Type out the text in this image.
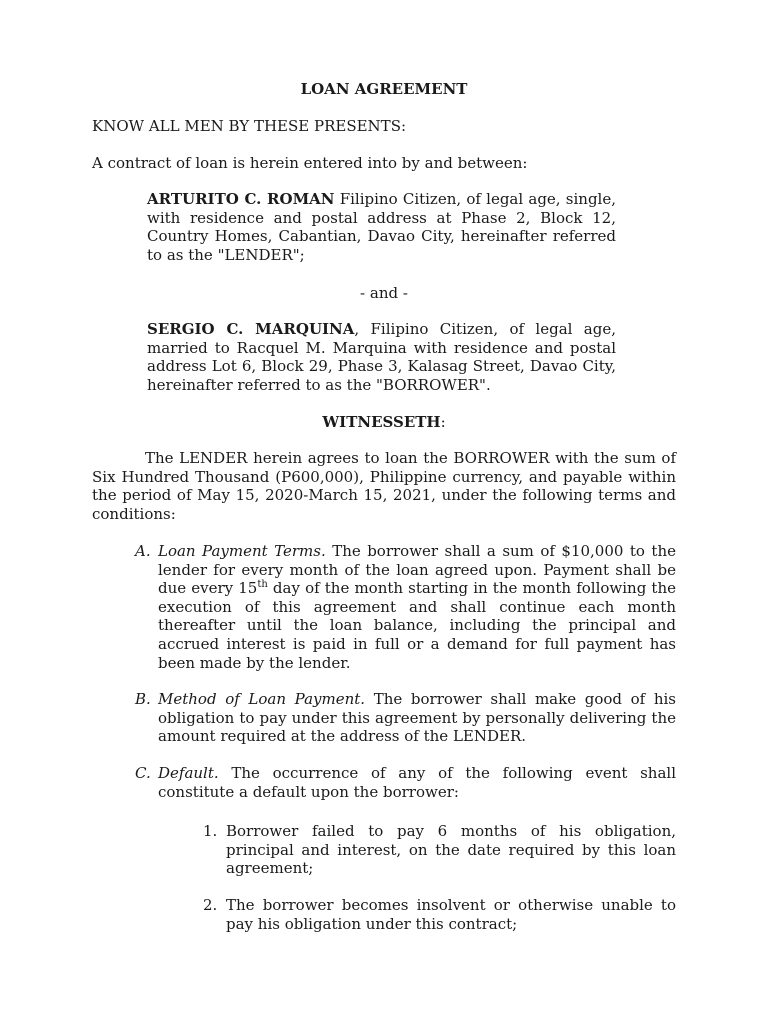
LOAN AGREEMENT

KNOW ALL MEN BY THESE PRESENTS:

A contract of loan is herein entered into by and between:

ARTURITO C. ROMAN Filipino Citizen, of legal age, single, with residence and postal address at Phase 2, Block 12, Country Homes, Cabantian, Davao City, hereinafter referred to as the "LENDER";

- and -

SERGIO C. MARQUINA, Filipino Citizen, of legal age, married to Racquel M. Marquina with residence and postal address Lot 6, Block 29, Phase 3, Kalasag Street, Davao City, hereinafter referred to as the "BORROWER".

WITNESSETH:

The LENDER herein agrees to loan the BORROWER with the sum of Six Hundred Thousand (P600,000), Philippine currency, and payable within the period of May 15, 2020-March 15, 2021, under the following terms and conditions:

A. Loan Payment Terms. The borrower shall a sum of $10,000 to the lender for every month of the loan agreed upon. Payment shall be due every 15th day of the month starting in the month following the execution of this agreement and shall continue each month thereafter until the loan balance, including the principal and accrued interest is paid in full or a demand for full payment has been made by the lender.

B. Method of Loan Payment. The borrower shall make good of his obligation to pay under this agreement by personally delivering the amount required at the address of the LENDER.

C. Default. The occurrence of any of the following event shall constitute a default upon the borrower:

1. Borrower failed to pay 6 months of his obligation, principal and interest, on the date required by this loan agreement;

2. The borrower becomes insolvent or otherwise unable to pay his obligation under this contract;
